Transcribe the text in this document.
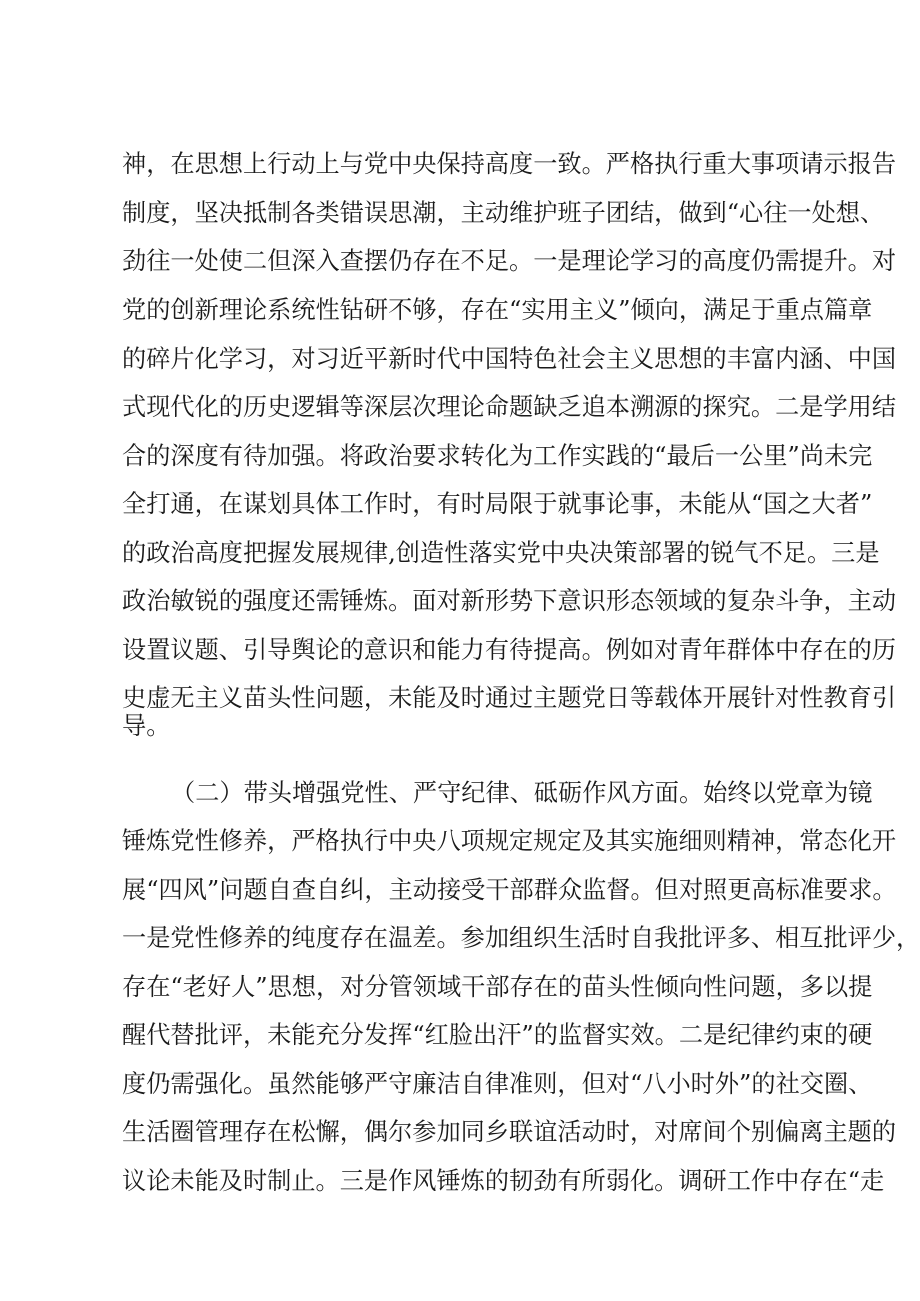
神，在思想上行动上与党中央保持高度一致。严格执行重大事项请示报告
制度，坚决抵制各类错误思潮，主动维护班子团结，做到“心往一处想、
劲往一处使二但深入查摆仍存在不足。一是理论学习的高度仍需提升。对
党的创新理论系统性钻研不够，存在“实用主义”倾向，满足于重点篇章
的碎片化学习，对习近平新时代中国特色社会主义思想的丰富内涵、中国
式现代化的历史逻辑等深层次理论命题缺乏追本溯源的探究。二是学用结
合的深度有待加强。将政治要求转化为工作实践的“最后一公里”尚未完
全打通，在谋划具体工作时，有时局限于就事论事，未能从“国之大者”
的政治高度把握发展规律,创造性落实党中央决策部署的锐气不足。三是
政治敏锐的强度还需锤炼。面对新形势下意识形态领域的复杂斗争，主动
设置议题、引导舆论的意识和能力有待提高。例如对青年群体中存在的历
史虚无主义苗头性问题，未能及时通过主题党日等载体开展针对性教育引
导。
（二）带头增强党性、严守纪律、砥砺作风方面。始终以党章为镜
锤炼党性修养，严格执行中央八项规定规定及其实施细则精神，常态化开
展“四风”问题自查自纠，主动接受干部群众监督。但对照更高标准要求。
一是党性修养的纯度存在温差。参加组织生活时自我批评多、相互批评少，
存在“老好人”思想，对分管领域干部存在的苗头性倾向性问题，多以提
醒代替批评，未能充分发挥“红脸出汗”的监督实效。二是纪律约束的硬
度仍需强化。虽然能够严守廉洁自律准则，但对“八小时外”的社交圈、
生活圈管理存在松懈，偶尔参加同乡联谊活动时，对席间个别偏离主题的
议论未能及时制止。三是作风锤炼的韧劲有所弱化。调研工作中存在“走
